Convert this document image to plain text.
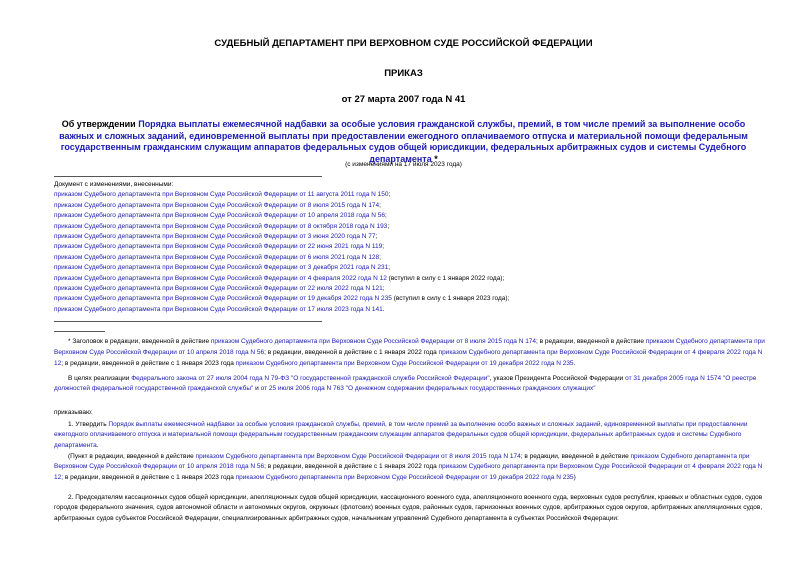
СУДЕБНЫЙ ДЕПАРТАМЕНТ ПРИ ВЕРХОВНОМ СУДЕ РОССИЙСКОЙ ФЕДЕРАЦИИ
ПРИКАЗ
от 27 марта 2007 года N 41
Об утверждении Порядка выплаты ежемесячной надбавки за особые условия гражданской службы, премий, в том числе премий за выполнение особо важных и сложных заданий, единовременной выплаты при предоставлении ежегодного оплачиваемого отпуска и материальной помощи федеральным государственным гражданским служащим аппаратов федеральных судов общей юрисдикции, федеральных арбитражных судов и системы Судебного департамента *
(с изменениями на 17 июля 2023 года)
Документ с изменениями, внесенными:
приказом Судебного департамента при Верховном Суде Российской Федерации от 11 августа 2011 года N 150;
приказом Судебного департамента при Верховном Суде Российской Федерации от 8 июля 2015 года N 174;
приказом Судебного департамента при Верховном Суде Российской Федерации от 10 апреля 2018 года N 56;
приказом Судебного департамента при Верховном Суде Российской Федерации от 8 октября 2018 года N 193;
приказом Судебного департамента при Верховном Суде Российской Федерации от 3 июня 2020 года N 77;
приказом Судебного департамента при Верховном Суде Российской Федерации от 22 июня 2021 года N 119;
приказом Судебного департамента при Верховном Суде Российской Федерации от 6 июля 2021 года N 128;
приказом Судебного департамента при Верховном Суде Российской Федерации от 3 декабря 2021 года N 231;
приказом Судебного департамента при Верховном Суде Российской Федерации от 4 февраля 2022 года N 12 (вступил в силу с 1 января 2022 года);
приказом Судебного департамента при Верховном Суде Российской Федерации от 22 июля 2022 года N 121;
приказом Судебного департамента при Верховном Суде Российской Федерации от 19 декабря 2022 года N 235 (вступил в силу с 1 января 2023 года);
приказом Судебного департамента при Верховном Суде Российской Федерации от 17 июля 2023 года N 141.
* Заголовок в редакции, введенной в действие приказом Судебного департамента при Верховном Суде Российской Федерации от 8 июля 2015 года N 174; в редакции, введенной в действие приказом Судебного департамента при Верховном Суде Российской Федерации от 10 апреля 2018 года N 56; в редакции, введенной в действие с 1 января 2022 года приказом Судебного департамента при Верховном Суде Российской Федерации от 4 февраля 2022 года N 12; в редакции, введенной в действие с 1 января 2023 года приказом Судебного департамента при Верховном Суде Российской Федерации от 19 декабря 2022 года N 235.
В целях реализации Федерального закона от 27 июля 2004 года N 79-ФЗ "О государственной гражданской службе Российской Федерации", указов Президента Российской Федерации от 31 декабря 2005 года N 1574 "О реестре должностей федеральной государственной гражданской службы" и от 25 июля 2006 года N 763 "О денежном содержании федеральных государственных гражданских служащих"
приказываю:
1. Утвердить Порядок выплаты ежемесячной надбавки за особые условия гражданской службы, премий, в том числе премий за выполнение особо важных и сложных заданий, единовременной выплаты при предоставлении ежегодного оплачиваемого отпуска и материальной помощи федеральным государственным гражданским служащим аппаратов федеральных судов общей юрисдикции, федеральных арбитражных судов и системы Судебного департамента.
(Пункт в редакции, введенной в действие приказом Судебного департамента при Верховном Суде Российской Федерации от 8 июля 2015 года N 174; в редакции, введенной в действие приказом Судебного департамента при Верховном Суде Российской Федерации от 10 апреля 2018 года N 56; в редакции, введенной в действие с 1 января 2022 года приказом Судебного департамента при Верховном Суде Российской Федерации от 4 февраля 2022 года N 12; в редакции, введенной в действие с 1 января 2023 года приказом Судебного департамента при Верховном Суде Российской Федерации от 19 декабря 2022 года N 235)
2. Председателям кассационных судов общей юрисдикции, апелляционных судов общей юрисдикции, кассационного военного суда, апелляционного военного суда, верховных судов республик, краевых и областных судов, судов городов федерального значения, судов автономной области и автономных округов, окружных (флотских) военных судов, районных судов, гарнизонных военных судов, арбитражных судов округов, арбитражных апелляционных судов, арбитражных судов субъектов Российской Федерации, специализированных арбитражных судов, начальникам управлений Судебного департамента в субъектах Российской Федерации:
